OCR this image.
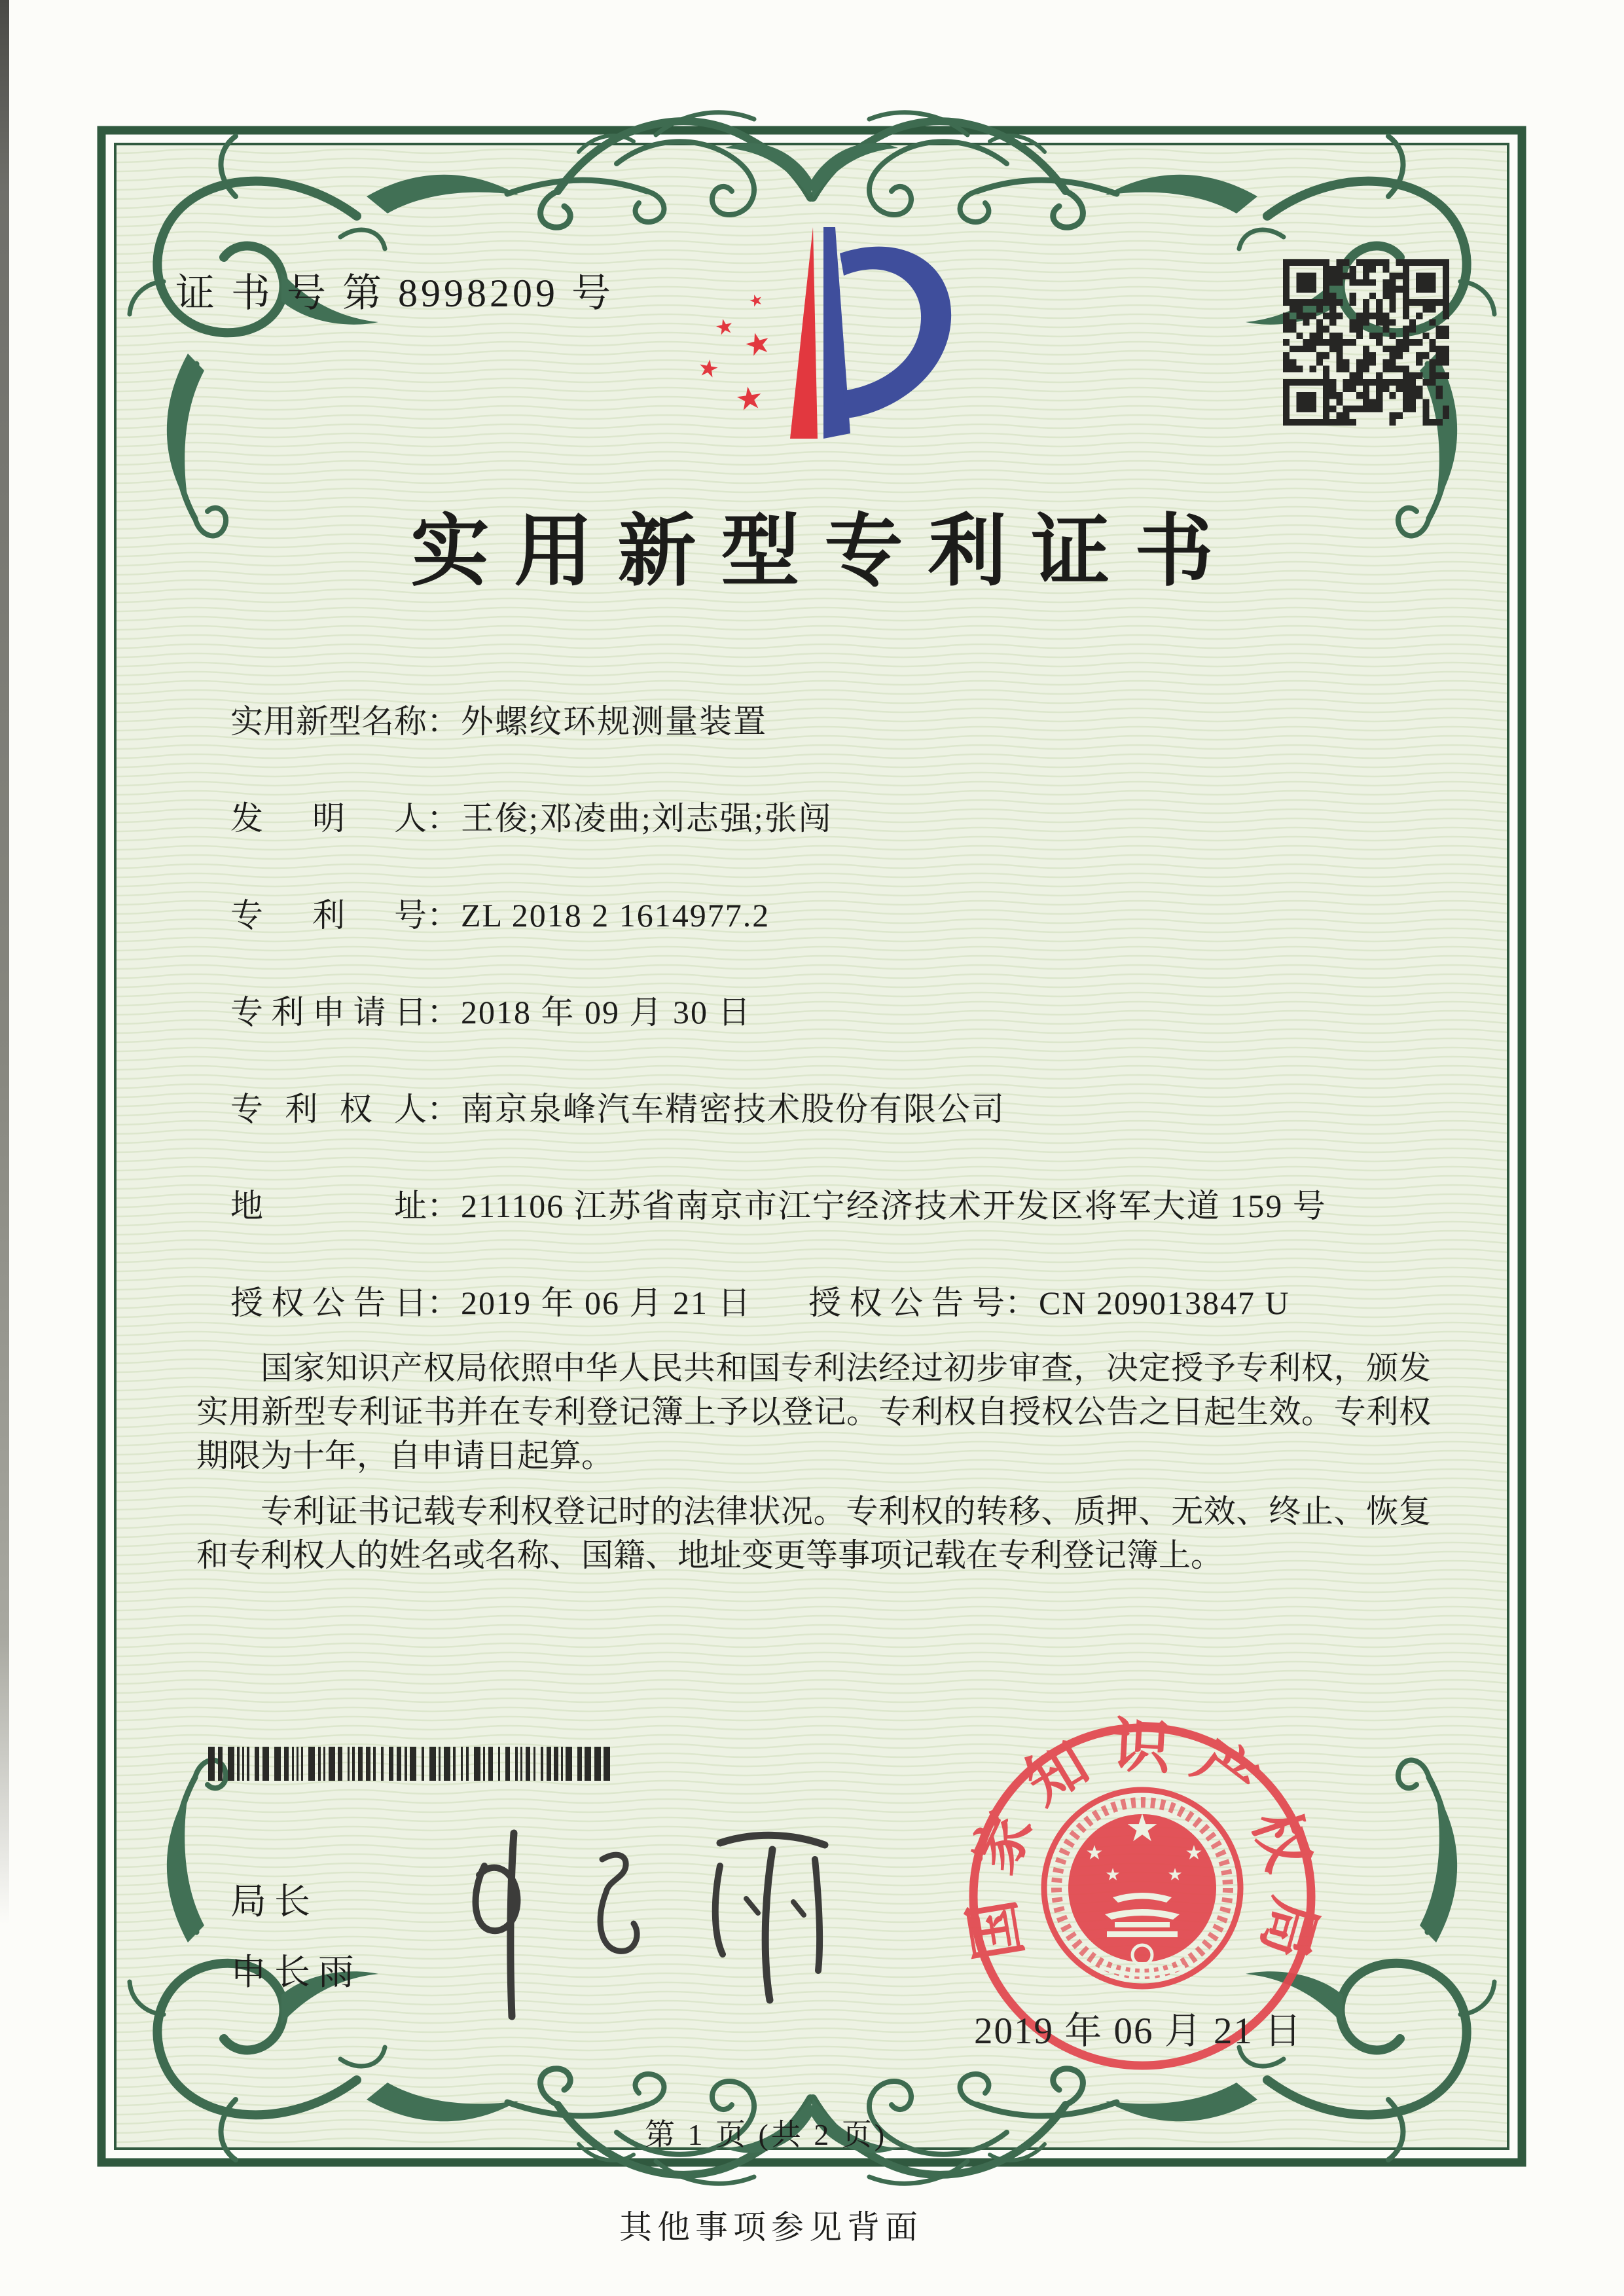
证 书 号 第 8998209 号	★
★ ★
★
★
实用新型专利证书
实用新型名称：外螺纹环规测量装置
发明人：王俊;邓凌曲;刘志强;张闯
专利号：ZL 2018 2 1614977.2
专利申请日：2018 年 09 月 30 日
专利权人：南京泉峰汽车精密技术股份有限公司
地址：211106 江苏省南京市江宁经济技术开发区将军大道 159 号
授权公告日：2019 年 06 月 21 日 授权公告号：CN 209013847 U

国家知识产权局依照中华人民共和国专利法经过初步审查，决定授予专利权，颁发实用新型专利证书并在专利登记簿上予以登记。专利权自授权公告之日起生效。专利权期限为十年，自申请日起算。

专利证书记载专利权登记时的法律状况。专利权的转移、质押、无效、终止、恢复和专利权人的姓名或名称、国籍、地址变更等事项记载在专利登记簿上。

局长
申长雨
国家知识产权局
★
★	★
★	★
2019 年 06 月 21 日
第 1 页 (共 2 页)
其他事项参见背面
